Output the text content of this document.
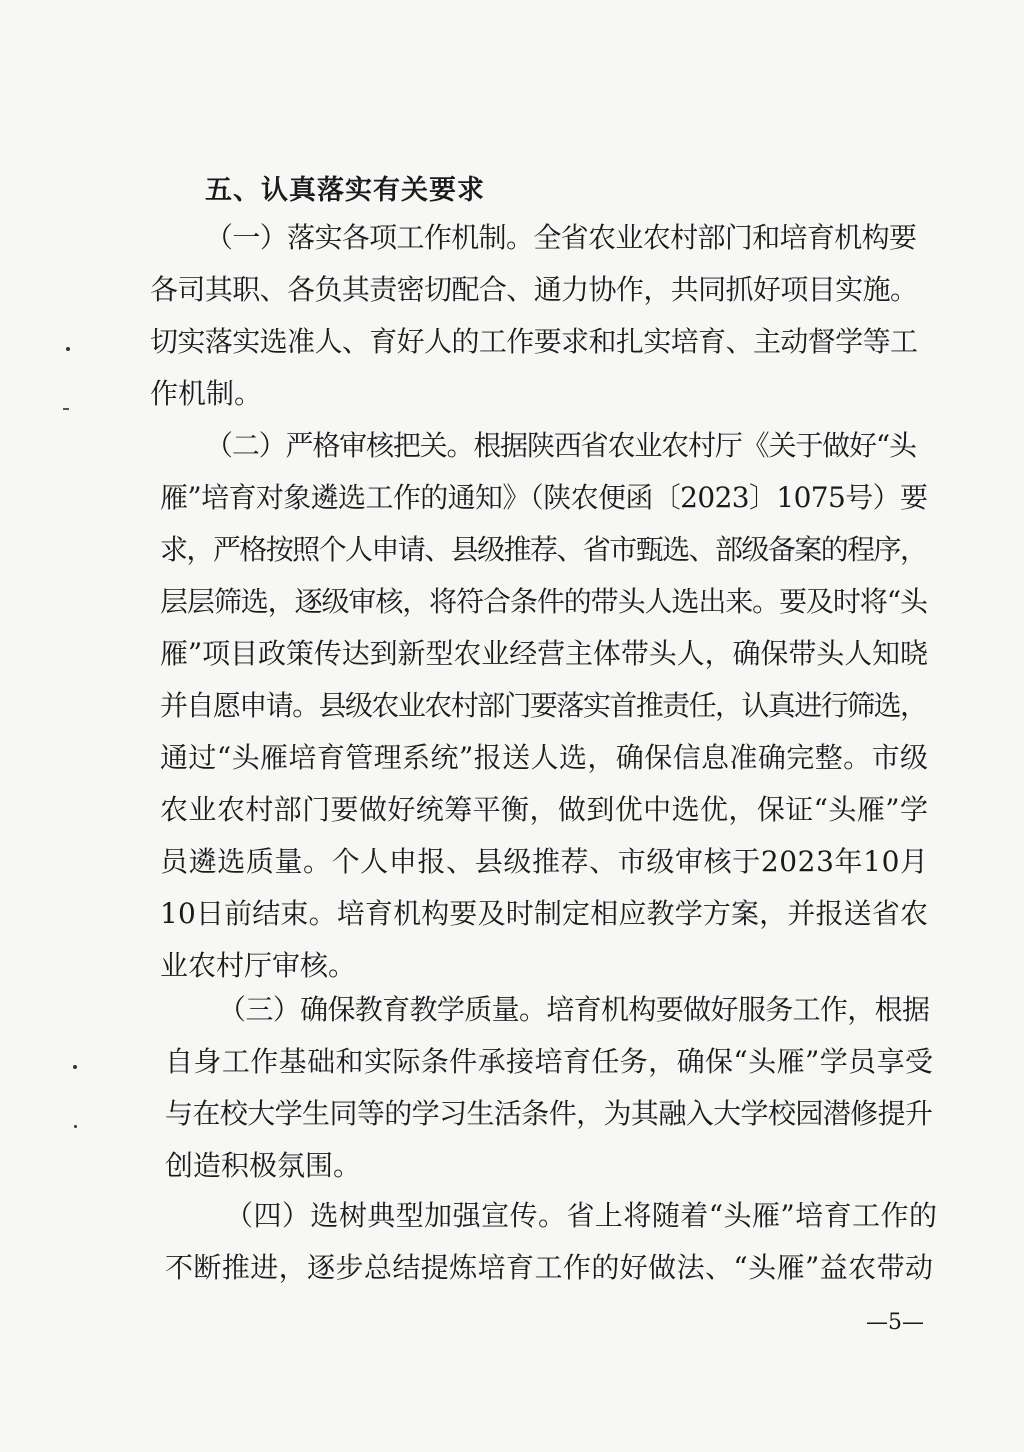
五、认真落实有关要求
（一）落实各项工作机制。全省农业农村部门和培育机构要
各司其职、各负其责密切配合、通力协作，共同抓好项目实施。
切实落实选准人、育好人的工作要求和扎实培育、主动督学等工
作机制。
（二）严格审核把关。根据陕西省农业农村厅《关于做好“头
雁”培育对象遴选工作的通知》（陕农便函〔2023〕1075号）要
求，严格按照个人申请、县级推荐、省市甄选、部级备案的程序，
层层筛选，逐级审核，将符合条件的带头人选出来。要及时将“头
雁”项目政策传达到新型农业经营主体带头人，确保带头人知晓
并自愿申请。县级农业农村部门要落实首推责任，认真进行筛选，
通过“头雁培育管理系统”报送人选，确保信息准确完整。市级
农业农村部门要做好统筹平衡，做到优中选优，保证“头雁”学
员遴选质量。个人申报、县级推荐、市级审核于2023年10月
10日前结束。培育机构要及时制定相应教学方案，并报送省农
业农村厅审核。
（三）确保教育教学质量。培育机构要做好服务工作，根据
自身工作基础和实际条件承接培育任务，确保“头雁”学员享受
与在校大学生同等的学习生活条件，为其融入大学校园潜修提升
创造积极氛围。
（四）选树典型加强宣传。省上将随着“头雁”培育工作的
不断推进，逐步总结提炼培育工作的好做法、“头雁”益农带动
—5—
